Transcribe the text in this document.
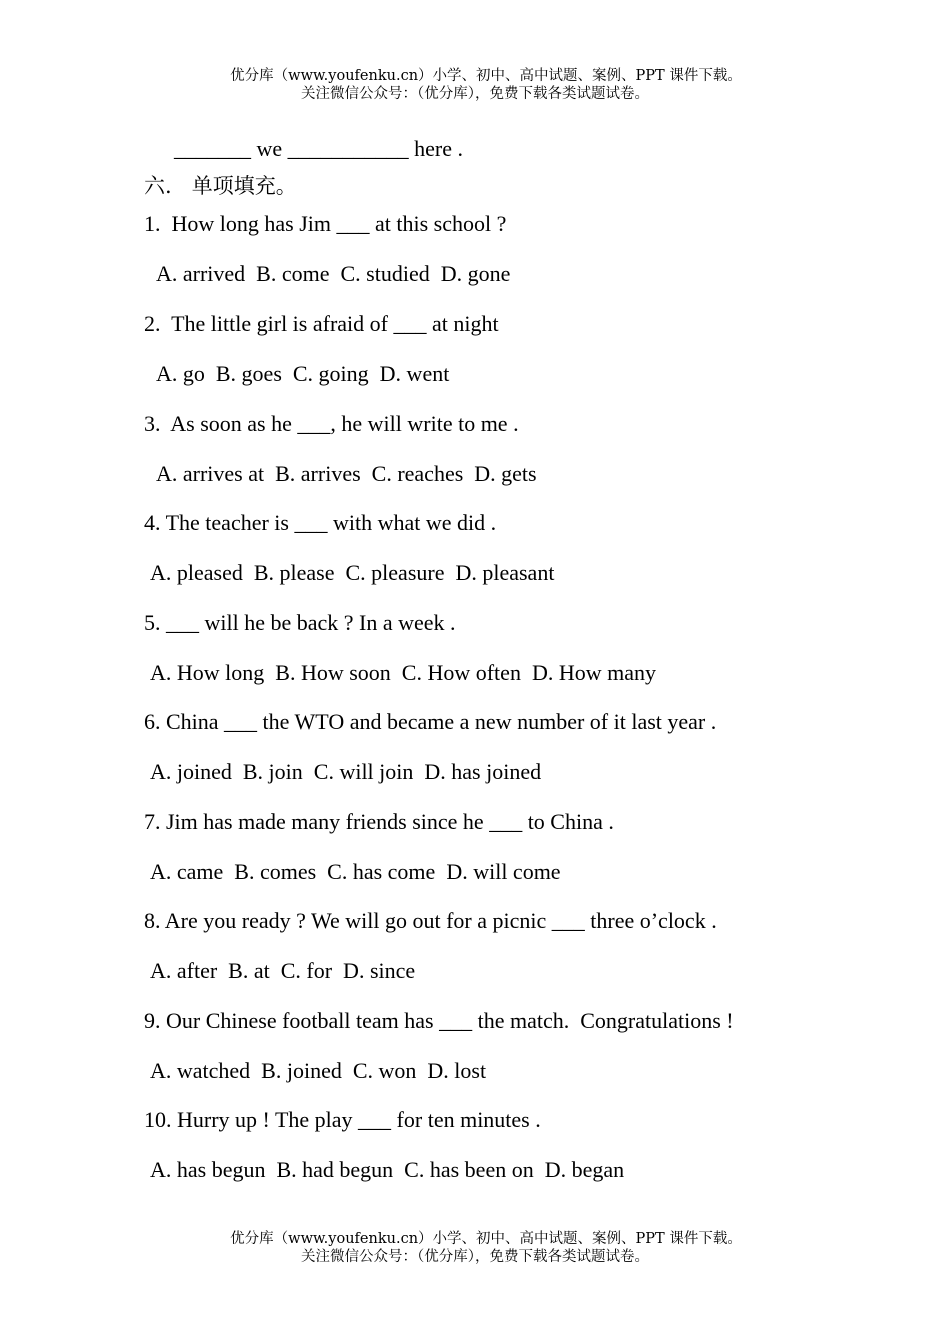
优分库（www.youfenku.cn）小学、初中、高中试题、案例、PPT 课件下载。
关注微信公众号：（优分库），免费下载各类试题试卷。
_______ we ___________ here .
六.   单项填充。
1.  How long has Jim ___ at this school ?
A. arrived  B. come  C. studied  D. gone
2.  The little girl is afraid of ___ at night
A. go  B. goes  C. going  D. went
3.  As soon as he ___, he will write to me .
A. arrives at  B. arrives  C. reaches  D. gets
4. The teacher is ___ with what we did .
A. pleased  B. please  C. pleasure  D. pleasant
5. ___ will he be back ? In a week .
A. How long  B. How soon  C. How often  D. How many
6. China ___ the WTO and became a new number of it last year .
A. joined  B. join  C. will join  D. has joined
7. Jim has made many friends since he ___ to China .
A. came  B. comes  C. has come  D. will come
8. Are you ready ? We will go out for a picnic ___ three o’clock .
A. after  B. at  C. for  D. since
9. Our Chinese football team has ___ the match.  Congratulations !
A. watched  B. joined  C. won  D. lost
10. Hurry up ! The play ___ for ten minutes .
A. has begun  B. had begun  C. has been on  D. began
优分库（www.youfenku.cn）小学、初中、高中试题、案例、PPT 课件下载。
关注微信公众号：（优分库），免费下载各类试题试卷。
